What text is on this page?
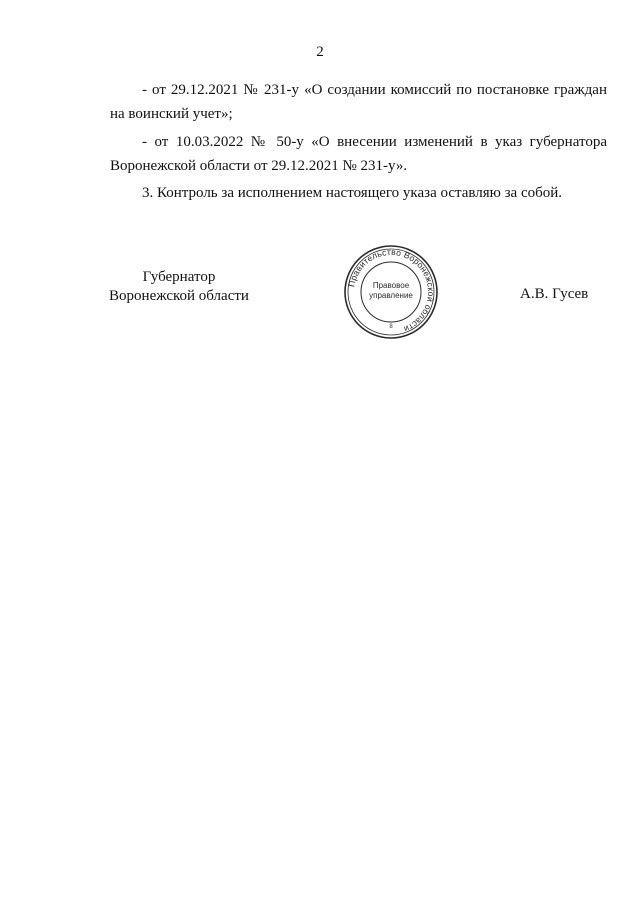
2

- от 29.12.2021 № 231-у «О создании комиссий по постановке граждан на воинский учет»;

- от 10.03.2022 № 50-у «О внесении изменений в указ губернатора Воронежской области от 29.12.2021 № 231-у».

3. Контроль за исполнением настоящего указа оставляю за собой.

Губернатор
Воронежской области
Правительство Воронежской области
Правовое
управление
8
А.В. Гусев
